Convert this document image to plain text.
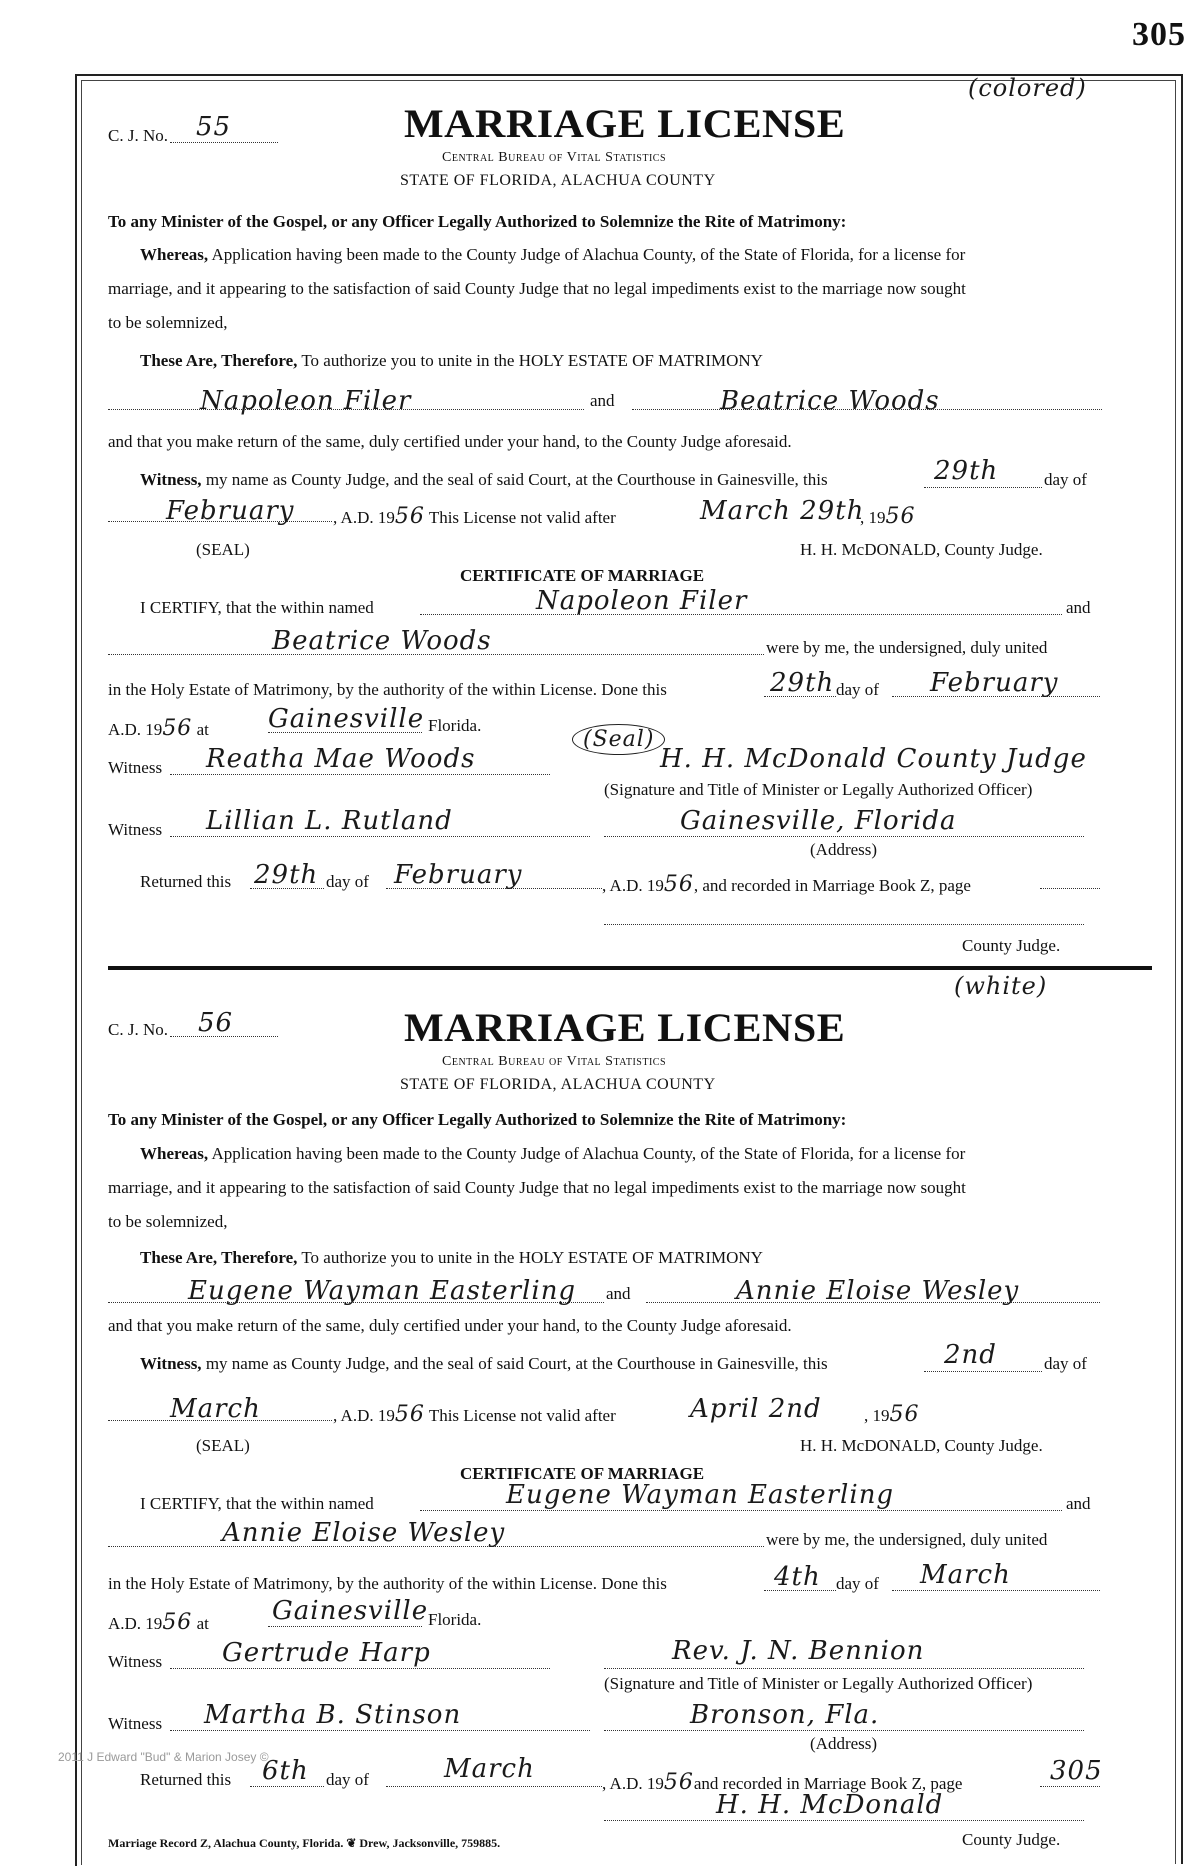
305
(colored)
C. J. No. 55	MARRIAGE LICENSE
Central Bureau of Vital Statistics
STATE OF FLORIDA, ALACHUA COUNTY
To any Minister of the Gospel, or any Officer Legally Authorized to Solemnize the Rite of Matrimony:
Whereas, Application having been made to the County Judge of Alachua County, of the State of Florida, for a license for
marriage, and it appearing to the satisfaction of said County Judge that no legal impediments exist to the marriage now sought
to be solemnized,
These Are, Therefore, To authorize you to unite in the HOLY ESTATE OF MATRIMONY
Napoleon Filer	and	Beatrice Woods
and that you make return of the same, duly certified under your hand, to the County Judge aforesaid.
Witness, my name as County Judge, and the seal of said Court, at the Courthouse in Gainesville, this	29th	day of
February , A.D. 1956 This License not valid after	March 29th
, 1956
(SEAL)	H. H. McDONALD, County Judge.
CERTIFICATE OF MARRIAGE
I CERTIFY, that the within named	Napoleon Filer	and
Beatrice Woods	were by me, the undersigned, duly united
in the Holy Estate of Matrimony, by the authority of the within License. Done this	29th day of February
A.D. 1956 at Gainesville Florida.
Witness Reatha Mae Woods
(Seal)
H. H. McDonald County Judge
(Signature and Title of Minister or Legally Authorized Officer)
Witness Lillian L. Rutland	Gainesville, Florida
(Address)
Returned this 29th day of February	, A.D. 1956, and recorded in Marriage Book Z, page
County Judge.
(white)
C. J. No. 56	MARRIAGE LICENSE
Central Bureau of Vital Statistics
STATE OF FLORIDA, ALACHUA COUNTY
To any Minister of the Gospel, or any Officer Legally Authorized to Solemnize the Rite of Matrimony:
Whereas, Application having been made to the County Judge of Alachua County, of the State of Florida, for a license for
marriage, and it appearing to the satisfaction of said County Judge that no legal impediments exist to the marriage now sought
to be solemnized,
These Are, Therefore, To authorize you to unite in the HOLY ESTATE OF MATRIMONY
Eugene Wayman Easterling and	Annie Eloise Wesley
and that you make return of the same, duly certified under your hand, to the County Judge aforesaid.
Witness, my name as County Judge, and the seal of said Court, at the Courthouse in Gainesville, this	2nd	day of
March	, A.D. 1956 This License not valid after	April 2nd , 1956
(SEAL)	H. H. McDONALD, County Judge.
CERTIFICATE OF MARRIAGE
I CERTIFY, that the within named	Eugene Wayman Easterling	and
Annie Eloise Wesley	were by me, the undersigned, duly united
in the Holy Estate of Matrimony, by the authority of the within License. Done this	4th day of March
A.D. 1956 at Gainesville Florida.
Witness Gertrude Harp	Rev. J. N. Bennion
(Signature and Title of Minister or Legally Authorized Officer)
Witness Martha B. Stinson	Bronson, Fla.
(Address)
Returned this 6th day of	March	, A.D. 1956and recorded in Marriage Book Z, page	305
H. H. McDonald
County Judge.
Marriage Record Z, Alachua County, Florida. ❦ Drew, Jacksonville, 759885.
2011 J Edward "Bud" & Marion Josey ©
